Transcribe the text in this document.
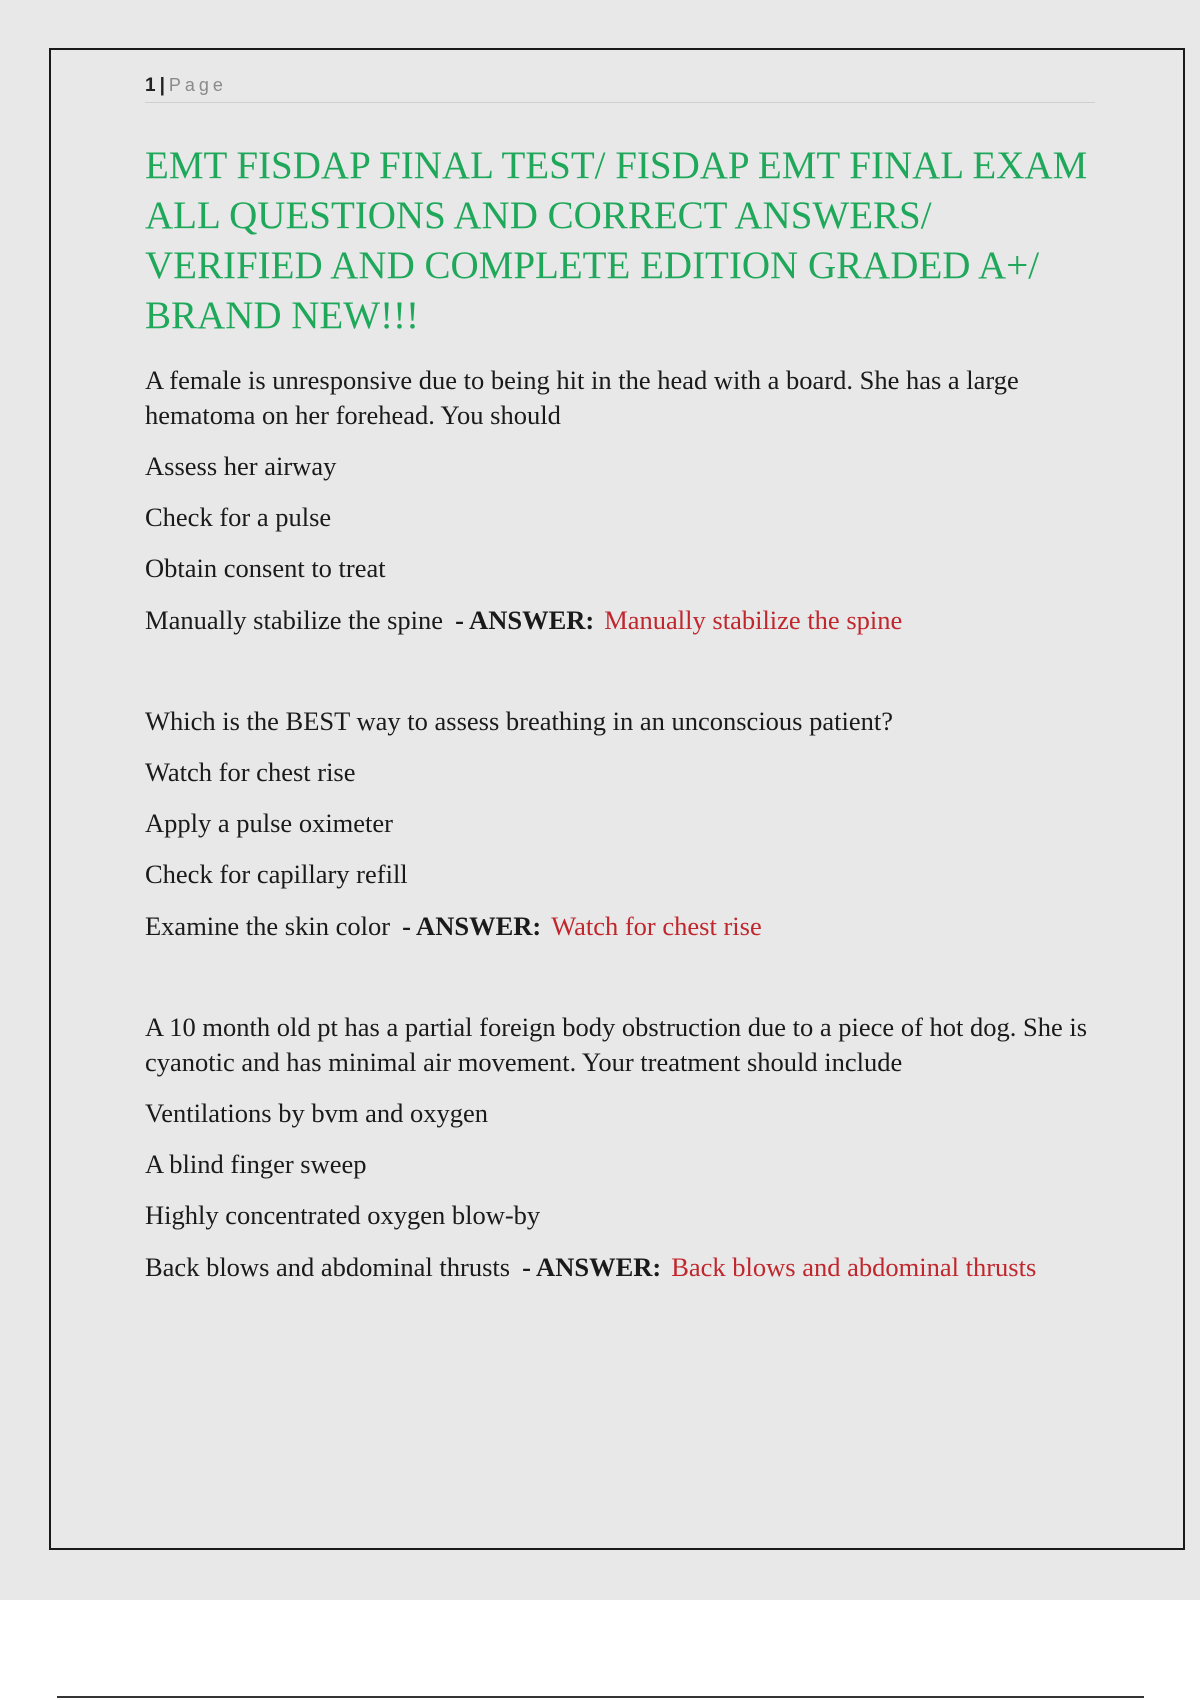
1 | Page
EMT FISDAP FINAL TEST/ FISDAP EMT FINAL EXAM ALL QUESTIONS AND CORRECT ANSWERS/ VERIFIED AND COMPLETE EDITION GRADED A+/ BRAND NEW!!!

A female is unresponsive due to being hit in the head with a board. She has a large hematoma on her forehead. You should

Assess her airway

Check for a pulse

Obtain consent to treat

Manually stabilize the spine - ANSWER: Manually stabilize the spine

Which is the BEST way to assess breathing in an unconscious patient?

Watch for chest rise

Apply a pulse oximeter

Check for capillary refill

Examine the skin color - ANSWER: Watch for chest rise

A 10 month old pt has a partial foreign body obstruction due to a piece of hot dog. She is cyanotic and has minimal air movement. Your treatment should include

Ventilations by bvm and oxygen

A blind finger sweep

Highly concentrated oxygen blow-by

Back blows and abdominal thrusts - ANSWER: Back blows and abdominal thrusts
